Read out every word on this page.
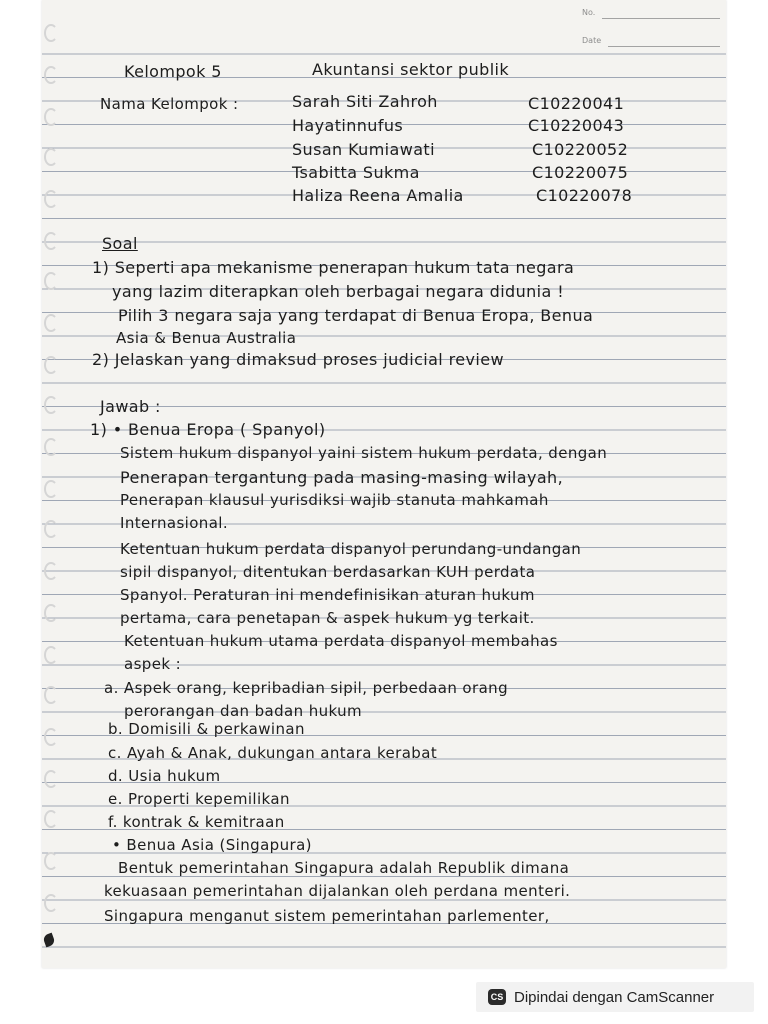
No.
Date
Kelompok 5	Akuntansi sektor publik
Nama Kelompok :	Sarah Siti Zahroh	C10220041
Hayatinnufus	C10220043
Susan Kumiawati	C10220052
Tsabitta Sukma	C10220075
Haliza Reena Amalia	C10220078
Soal
1) Seperti apa mekanisme penerapan hukum tata negara
yang lazim diterapkan oleh berbagai negara didunia !
Pilih 3 negara saja yang terdapat di Benua Eropa, Benua
Asia & Benua Australia
2) Jelaskan yang dimaksud proses judicial review
Jawab :
1) • Benua Eropa ( Spanyol)
Sistem hukum dispanyol yaini sistem hukum perdata, dengan
Penerapan tergantung pada masing-masing wilayah,
Penerapan klausul yurisdiksi wajib stanuta mahkamah
Internasional.
Ketentuan hukum perdata dispanyol perundang-undangan
sipil dispanyol, ditentukan berdasarkan KUH perdata
Spanyol. Peraturan ini mendefinisikan aturan hukum
pertama, cara penetapan & aspek hukum yg terkait.
Ketentuan hukum utama perdata dispanyol membahas
aspek :
a. Aspek orang, kepribadian sipil, perbedaan orang
perorangan dan badan hukum
b. Domisili & perkawinan
c. Ayah & Anak, dukungan antara kerabat
d. Usia hukum
e. Properti kepemilikan
f. kontrak & kemitraan
• Benua Asia (Singapura)
Bentuk pemerintahan Singapura adalah Republik dimana
kekuasaan pemerintahan dijalankan oleh perdana menteri.
Singapura menganut sistem pemerintahan parlementer,
CS Dipindai dengan CamScanner
